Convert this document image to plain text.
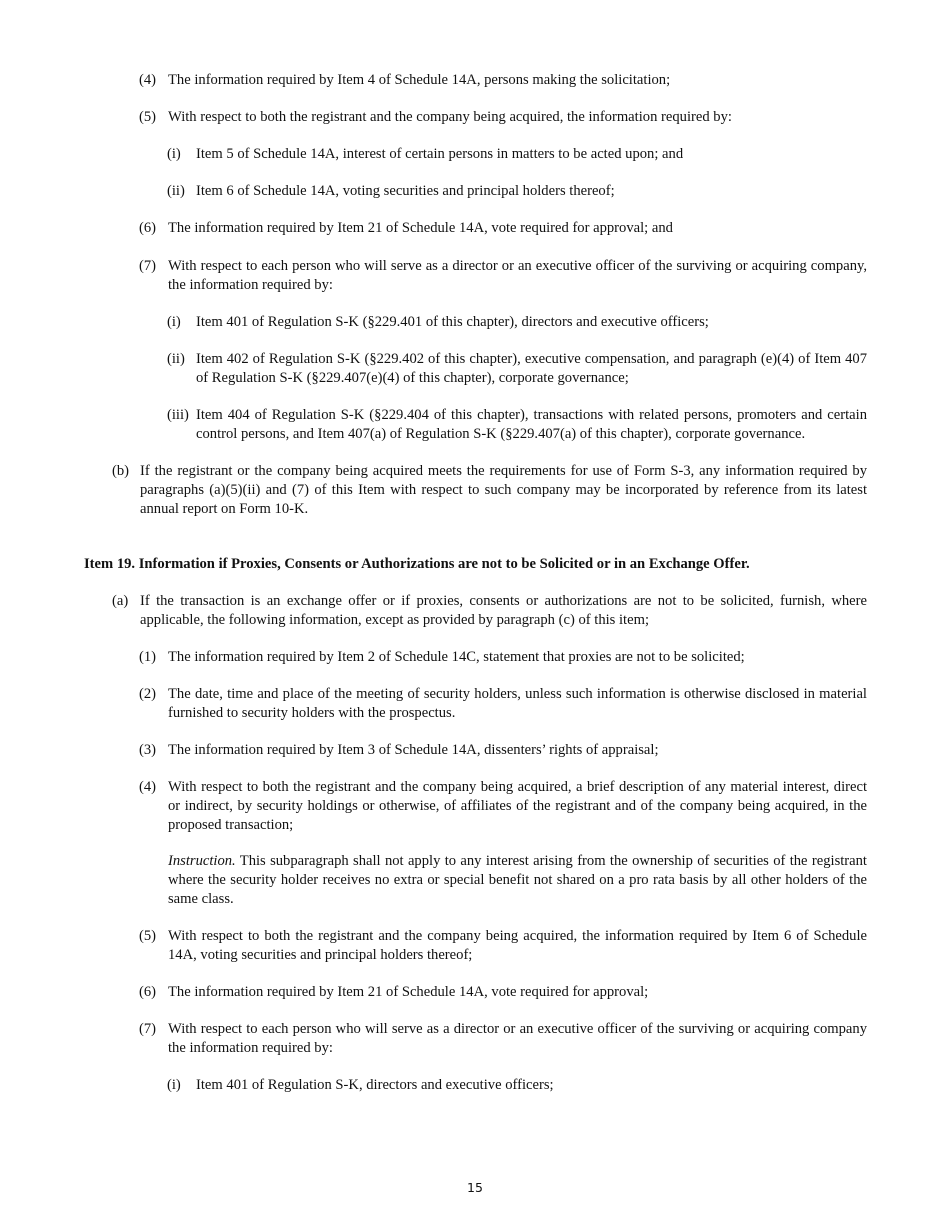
(4) The information required by Item 4 of Schedule 14A, persons making the solicitation;
(5) With respect to both the registrant and the company being acquired, the information required by:
(i) Item 5 of Schedule 14A, interest of certain persons in matters to be acted upon; and
(ii) Item 6 of Schedule 14A, voting securities and principal holders thereof;
(6) The information required by Item 21 of Schedule 14A, vote required for approval; and
(7) With respect to each person who will serve as a director or an executive officer of the surviving or acquiring company, the information required by:
(i) Item 401 of Regulation S-K (§229.401 of this chapter), directors and executive officers;
(ii) Item 402 of Regulation S-K (§229.402 of this chapter), executive compensation, and paragraph (e)(4) of Item 407 of Regulation S-K (§229.407(e)(4) of this chapter), corporate governance;
(iii) Item 404 of Regulation S-K (§229.404 of this chapter), transactions with related persons, promoters and certain control persons, and Item 407(a) of Regulation S-K (§229.407(a) of this chapter), corporate governance.
(b) If the registrant or the company being acquired meets the requirements for use of Form S-3, any information required by paragraphs (a)(5)(ii) and (7) of this Item with respect to such company may be incorporated by reference from its latest annual report on Form 10-K.
Item 19. Information if Proxies, Consents or Authorizations are not to be Solicited or in an Exchange Offer.
(a) If the transaction is an exchange offer or if proxies, consents or authorizations are not to be solicited, furnish, where applicable, the following information, except as provided by paragraph (c) of this item;
(1) The information required by Item 2 of Schedule 14C, statement that proxies are not to be solicited;
(2) The date, time and place of the meeting of security holders, unless such information is otherwise disclosed in material furnished to security holders with the prospectus.
(3) The information required by Item 3 of Schedule 14A, dissenters’ rights of appraisal;
(4) With respect to both the registrant and the company being acquired, a brief description of any material interest, direct or indirect, by security holdings or otherwise, of affiliates of the registrant and of the company being acquired, in the proposed transaction;
Instruction. This subparagraph shall not apply to any interest arising from the ownership of securities of the registrant where the security holder receives no extra or special benefit not shared on a pro rata basis by all other holders of the same class.
(5) With respect to both the registrant and the company being acquired, the information required by Item 6 of Schedule 14A, voting securities and principal holders thereof;
(6) The information required by Item 21 of Schedule 14A, vote required for approval;
(7) With respect to each person who will serve as a director or an executive officer of the surviving or acquiring company the information required by:
(i) Item 401 of Regulation S-K, directors and executive officers;
15
